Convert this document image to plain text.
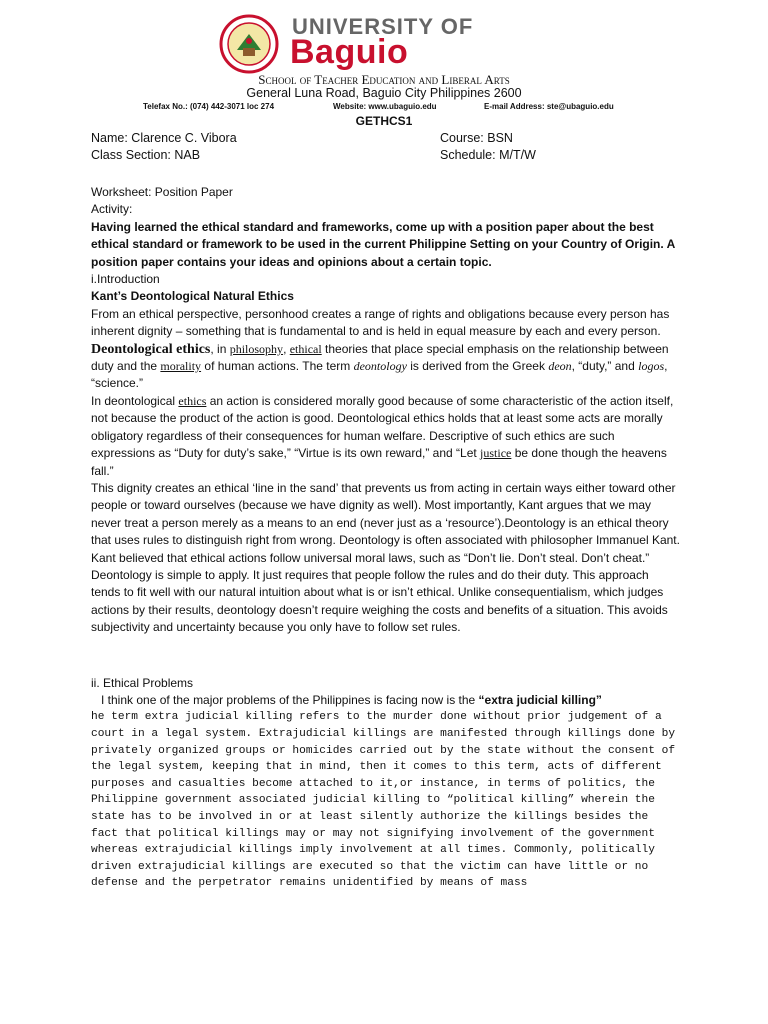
UNIVERSITY OF
Baguio
School of Teacher Education and Liberal Arts
General Luna Road, Baguio City Philippines 2600
Telefax No.: (074) 442-3071 loc 274	Website: www.ubaguio.edu	E-mail Address: ste@ubaguio.edu
GETHCS1
Name: Clarence C. Vibora	Course: BSN
Class Section: NAB	Schedule: M/T/W

Worksheet: Position Paper

Activity:

Having learned the ethical standard and frameworks, come up with a position paper about the best ethical standard or framework to be used in the current Philippine Setting on your Country of Origin. A position paper contains your ideas and opinions about a certain topic.

i.Introduction

Kant’s Deontological Natural Ethics

From an ethical perspective, personhood creates a range of rights and obligations because every person has inherent dignity – something that is fundamental to and is held in equal measure by each and every person.

Deontological ethics, in philosophy, ethical theories that place special emphasis on the relationship between duty and the morality of human actions. The term deontology is derived from the Greek deon, “duty,” and logos, “science.”

In deontological ethics an action is considered morally good because of some characteristic of the action itself, not because the product of the action is good. Deontological ethics holds that at least some acts are morally obligatory regardless of their consequences for human welfare. Descriptive of such ethics are such expressions as “Duty for duty’s sake,” “Virtue is its own reward,” and “Let justice be done though the heavens fall.”

This dignity creates an ethical ‘line in the sand’ that prevents us from acting in certain ways either toward other people or toward ourselves (because we have dignity as well). Most importantly, Kant argues that we may never treat a person merely as a means to an end (never just as a ‘resource’).Deontology is an ethical theory that uses rules to distinguish right from wrong. Deontology is often associated with philosopher Immanuel Kant. Kant believed that ethical actions follow universal moral laws, such as “Don’t lie. Don’t steal. Don’t cheat.” Deontology is simple to apply. It just requires that people follow the rules and do their duty. This approach tends to fit well with our natural intuition about what is or isn’t ethical. Unlike consequentialism, which judges actions by their results, deontology doesn’t require weighing the costs and benefits of a situation. This avoids subjectivity and uncertainty because you only have to follow set rules.

ii. Ethical Problems

I think one of the major problems of the Philippines is facing now is the “extra judicial killing”

he term extra judicial killing refers to the murder done without prior judgement of a court in a legal system. Extrajudicial killings are manifested through killings done by privately organized groups or homicides carried out by the state without the consent of the legal system, keeping that in mind, then it comes to this term, acts of different purposes and casualties become attached to it,or instance, in terms of politics, the Philippine government associated judicial killing to “political killing” wherein the state has to be involved in or at least silently authorize the killings besides the fact that political killings may or may not signifying involvement of the government whereas extrajudicial killings imply involvement at all times. Commonly, politically driven extrajudicial killings are executed so that the victim can have little or no defense and the perpetrator remains unidentified by means of mass
